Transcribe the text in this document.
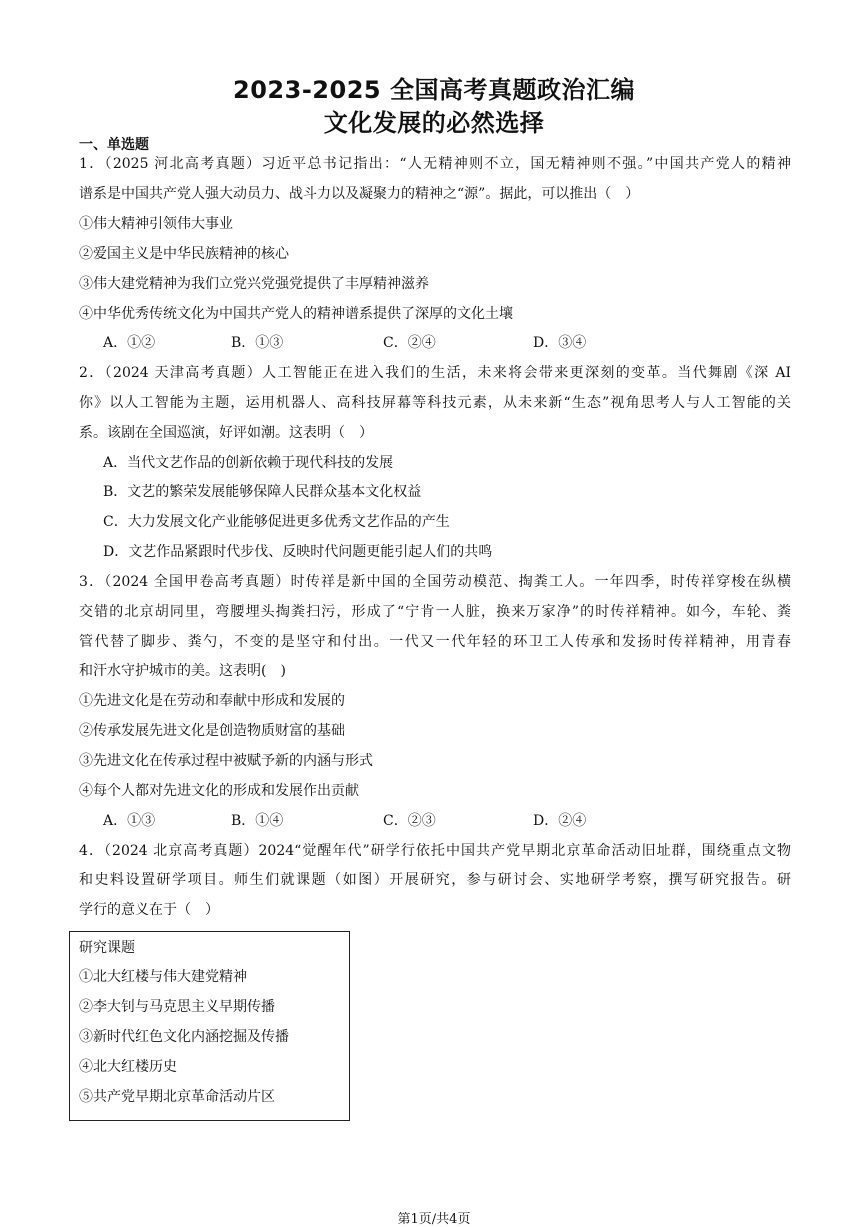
2023-2025 全国高考真题政治汇编
文化发展的必然选择
一、单选题
1．（2025 河北高考真题）习近平总书记指出：“人无精神则不立，国无精神则不强。”中国共产党人的精神
谱系是中国共产党人强大动员力、战斗力以及凝聚力的精神之“源”。据此，可以推出（　）
①伟大精神引领伟大事业
②爱国主义是中华民族精神的核心
③伟大建党精神为我们立党兴党强党提供了丰厚精神滋养
④中华优秀传统文化为中国共产党人的精神谱系提供了深厚的文化土壤
A．①②	B．①③	C．②④	D．③④
2．（2024 天津高考真题）人工智能正在进入我们的生活，未来将会带来更深刻的变革。当代舞剧《深 AI
你》以人工智能为主题，运用机器人、高科技屏幕等科技元素，从未来新“生态”视角思考人与人工智能的关
系。该剧在全国巡演，好评如潮。这表明（　）
A．当代文艺作品的创新依赖于现代科技的发展
B．文艺的繁荣发展能够保障人民群众基本文化权益
C．大力发展文化产业能够促进更多优秀文艺作品的产生
D．文艺作品紧跟时代步伐、反映时代问题更能引起人们的共鸣
3．（2024 全国甲卷高考真题）时传祥是新中国的全国劳动模范、掏粪工人。一年四季，时传祥穿梭在纵横
交错的北京胡同里，弯腰埋头掏粪扫污，形成了“宁肯一人脏，换来万家净”的时传祥精神。如今，车轮、粪
管代替了脚步、粪勺，不变的是坚守和付出。一代又一代年轻的环卫工人传承和发扬时传祥精神，用青春
和汗水守护城市的美。这表明(　)
①先进文化是在劳动和奉献中形成和发展的
②传承发展先进文化是创造物质财富的基础
③先进文化在传承过程中被赋予新的内涵与形式
④每个人都对先进文化的形成和发展作出贡献
A．①③	B．①④	C．②③	D．②④
4．（2024 北京高考真题）2024“觉醒年代”研学行依托中国共产党早期北京革命活动旧址群，围绕重点文物
和史料设置研学项目。师生们就课题（如图）开展研究，参与研讨会、实地研学考察，撰写研究报告。研
学行的意义在于（　）
研究课题
①北大红楼与伟大建党精神
②李大钊与马克思主义早期传播
③新时代红色文化内涵挖掘及传播
④北大红楼历史
⑤共产党早期北京革命活动片区
第1页/共4页
